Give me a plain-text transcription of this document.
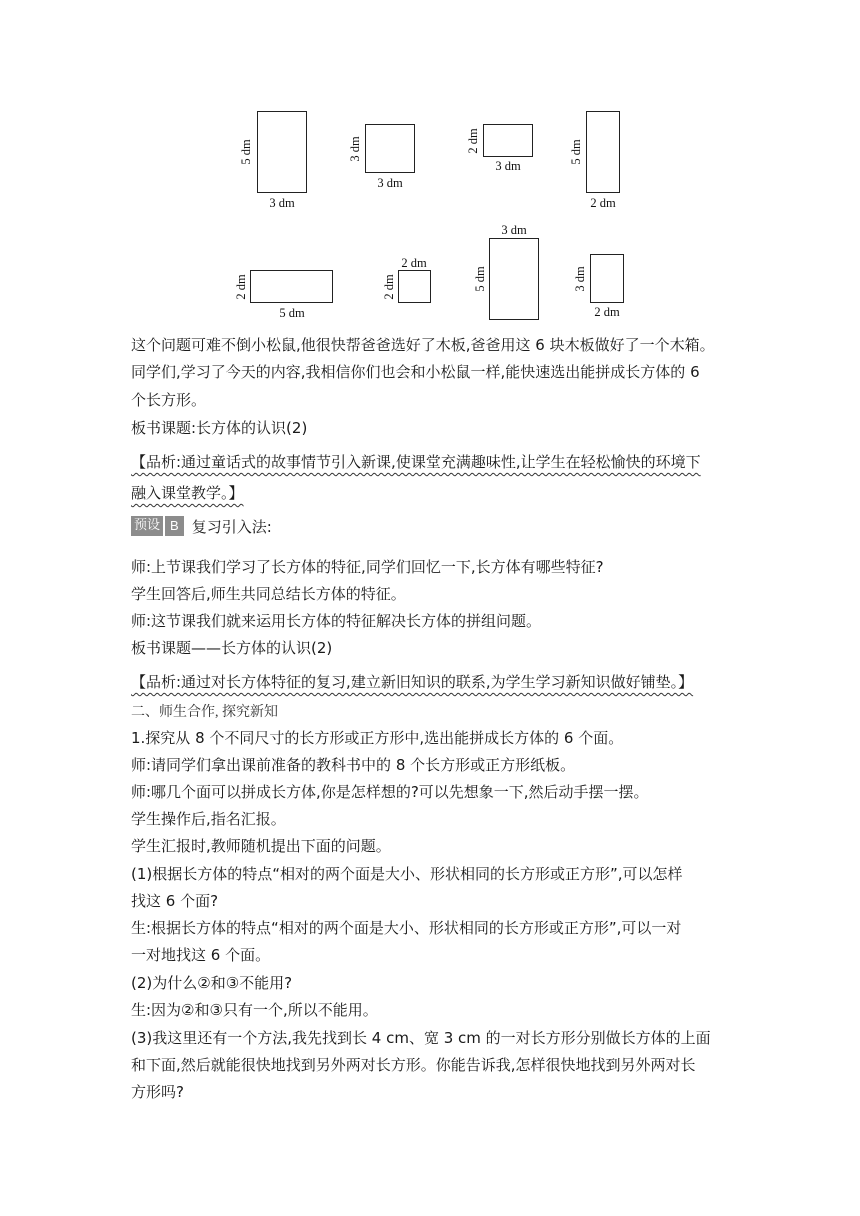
5 dm
3 dm
3 dm
3 dm
2 dm
3 dm
5 dm
2 dm
2 dm
5 dm
2 dm
2 dm
5 dm
3 dm
3 dm
2 dm
这个问题可难不倒小松鼠,他很快帮爸爸选好了木板,爸爸用这 6 块木板做好了一个木箱。
同学们,学习了今天的内容,我相信你们也会和小松鼠一样,能快速选出能拼成长方体的 6
个长方形。
板书课题:长方体的认识(2)
【品析:通过童话式的故事情节引入新课,使课堂充满趣味性,让学生在轻松愉快的环境下
融入课堂教学。】
预设 B 复习引入法:
师:上节课我们学习了长方体的特征,同学们回忆一下,长方体有哪些特征?
学生回答后,师生共同总结长方体的特征。
师:这节课我们就来运用长方体的特征解决长方体的拼组问题。
板书课题——长方体的认识(2)
【品析:通过对长方体特征的复习,建立新旧知识的联系,为学生学习新知识做好铺垫。】
二、师生合作, 探究新知
1.探究从 8 个不同尺寸的长方形或正方形中,选出能拼成长方体的 6 个面。
师:请同学们拿出课前准备的教科书中的 8 个长方形或正方形纸板。
师:哪几个面可以拼成长方体,你是怎样想的?可以先想象一下,然后动手摆一摆。
学生操作后,指名汇报。
学生汇报时,教师随机提出下面的问题。
(1)根据长方体的特点“相对的两个面是大小、形状相同的长方形或正方形”,可以怎样
找这 6 个面?
生:根据长方体的特点“相对的两个面是大小、形状相同的长方形或正方形”,可以一对
一对地找这 6 个面。
(2)为什么②和③不能用?
生:因为②和③只有一个,所以不能用。
(3)我这里还有一个方法,我先找到长 4 cm、宽 3 cm 的一对长方形分别做长方体的上面
和下面,然后就能很快地找到另外两对长方形。你能告诉我,怎样很快地找到另外两对长
方形吗?
